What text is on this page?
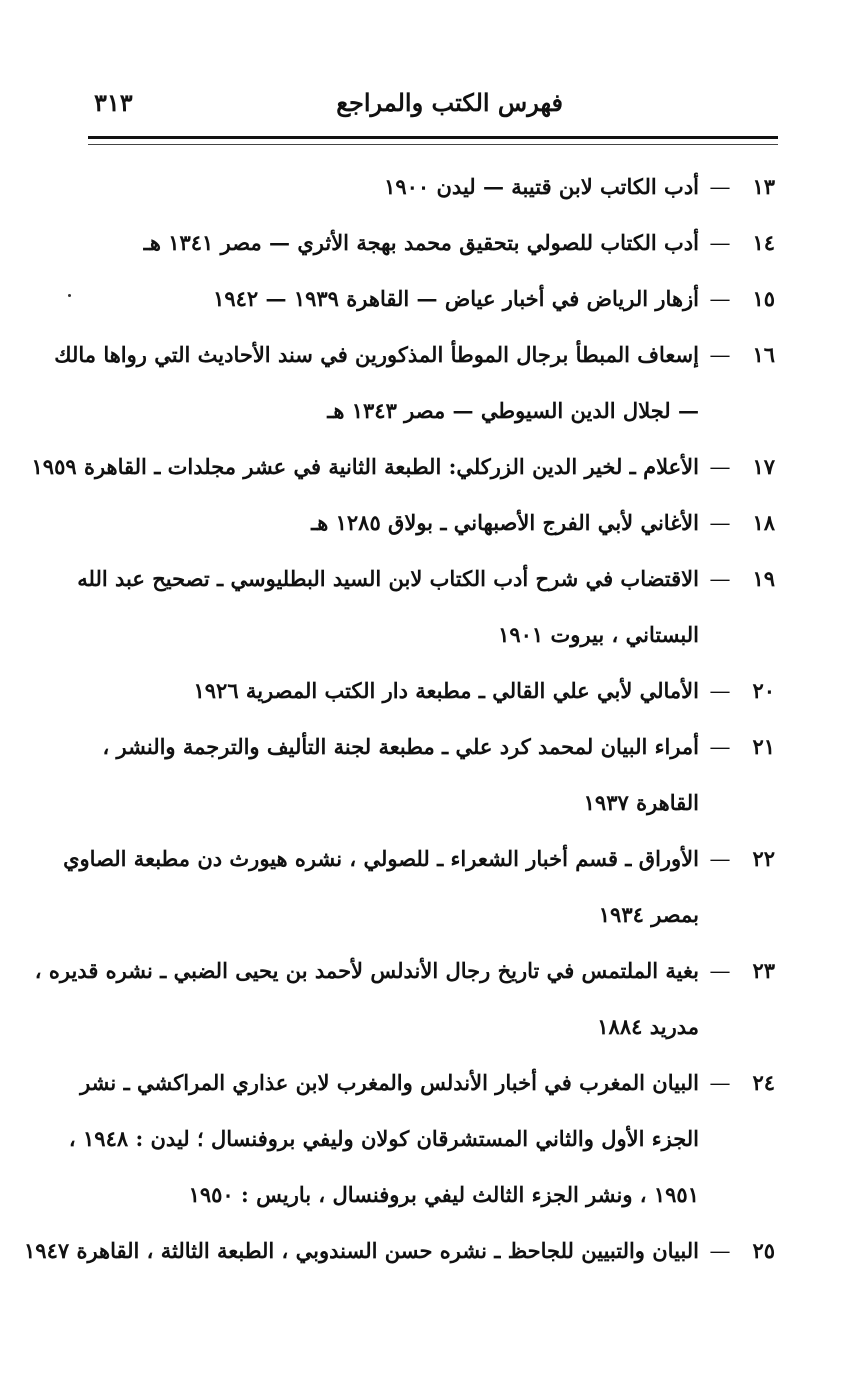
فهرس الكتب والمراجع
٣١٣
١٣
—
أدب الكاتب لابن قتيبة — ليدن ١٩٠٠
١٤
—
أدب الكتاب للصولي بتحقيق محمد بهجة الأثري — مصر ١٣٤١ هـ
١٥
—
أزهار الرياض في أخبار عياض — القاهرة ١٩٣٩ — ١٩٤٢
١٦
—
إسعاف المبطأ برجال الموطأ المذكورين في سند الأحاديث التي رواها مالك
— لجلال الدين السيوطي — مصر ١٣٤٣ هـ
١٧
—
الأعلام ـ لخير الدين الزركلي: الطبعة الثانية في عشر مجلدات ـ القاهرة ١٩٥٩
١٨
—
الأغاني لأبي الفرج الأصبهاني ـ بولاق ١٢٨٥ هـ
١٩
—
الاقتضاب في شرح أدب الكتاب لابن السيد البطليوسي ـ تصحيح عبد الله
البستاني ، بيروت ١٩٠١
٢٠
—
الأمالي لأبي علي القالي ـ مطبعة دار الكتب المصرية ١٩٢٦
٢١
—
أمراء البيان لمحمد كرد علي ـ مطبعة لجنة التأليف والترجمة والنشر ،
القاهرة ١٩٣٧
٢٢
—
الأوراق ـ قسم أخبار الشعراء ـ للصولي ، نشره هيورث دن مطبعة الصاوي
بمصر ١٩٣٤
٢٣
—
بغية الملتمس في تاريخ رجال الأندلس لأحمد بن يحيى الضبي ـ نشره قديره ،
مدريد ١٨٨٤
٢٤
—
البيان المغرب في أخبار الأندلس والمغرب لابن عذاري المراكشي ـ نشر
الجزء الأول والثاني المستشرقان كولان وليفي بروفنسال ؛ ليدن : ١٩٤٨ ،
١٩٥١ ، ونشر الجزء الثالث ليفي بروفنسال ، باريس : ١٩٥٠
٢٥
—
البيان والتبيين للجاحظ ـ نشره حسن السندوبي ، الطبعة الثالثة ، القاهرة ١٩٤٧
